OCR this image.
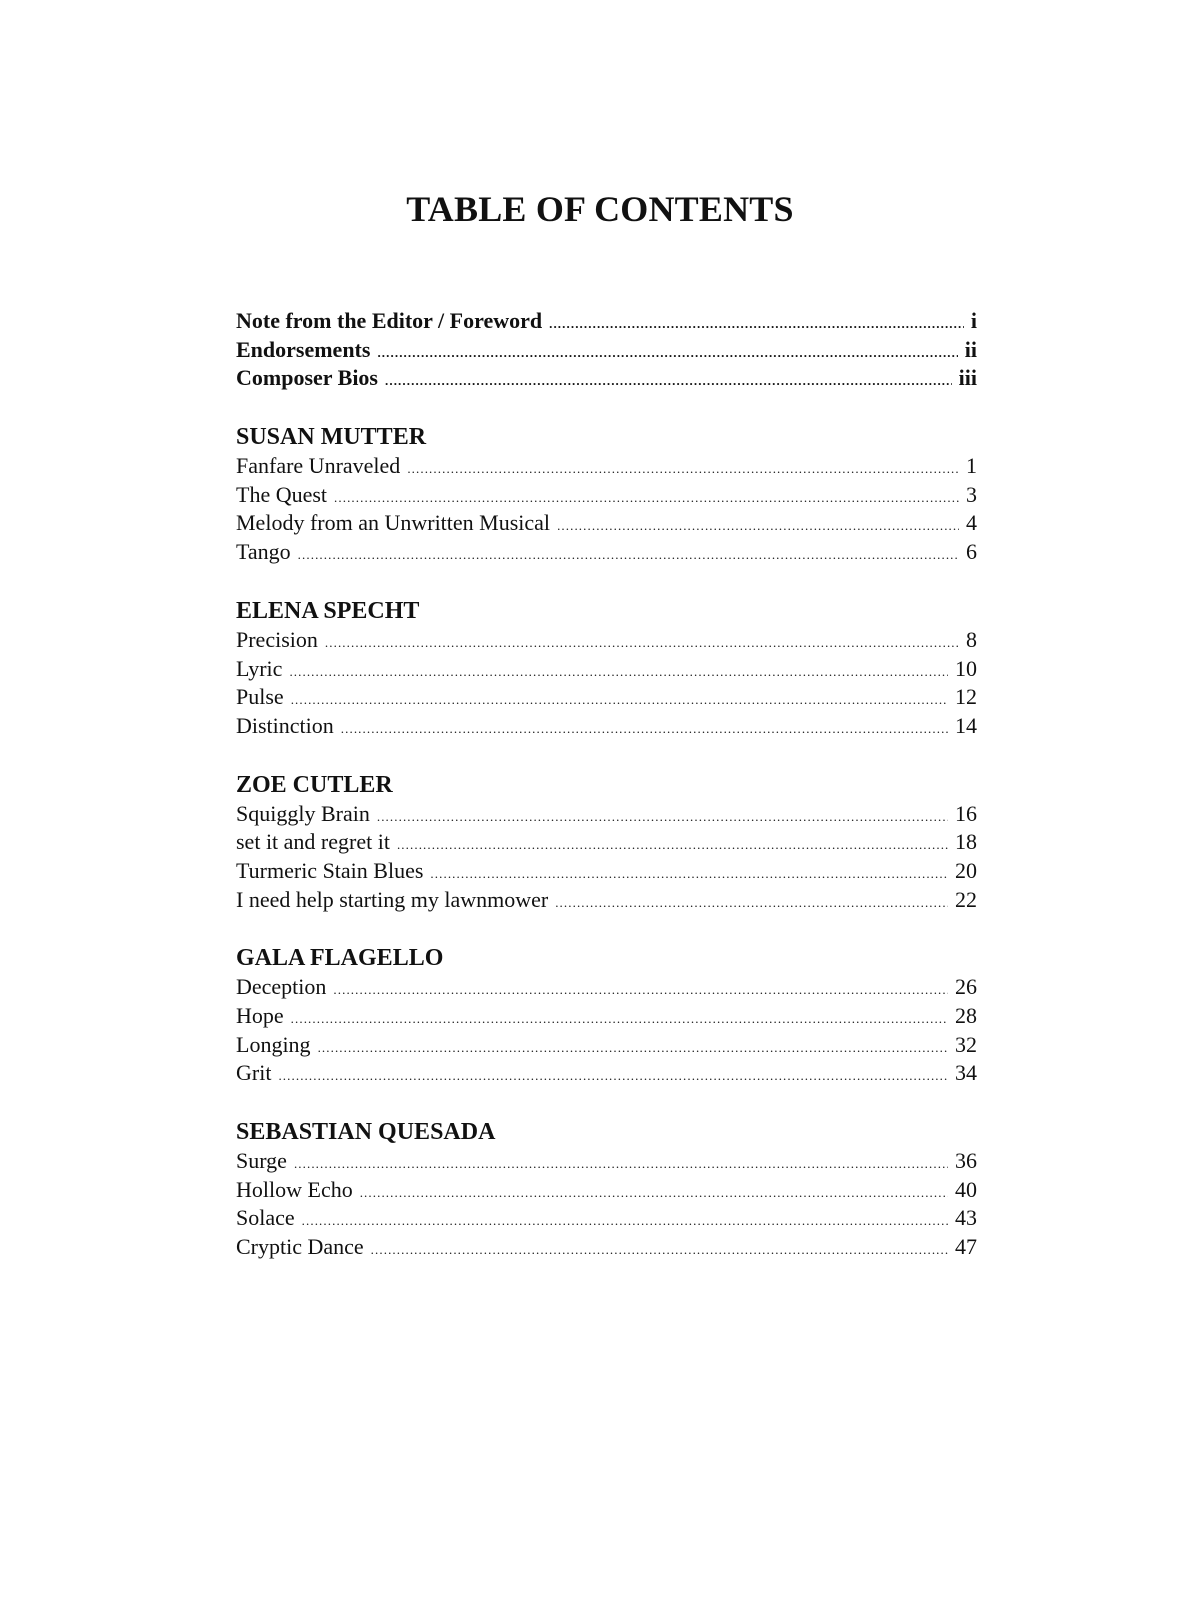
TABLE OF CONTENTS
Note from the Editor / Foreword .....	i
Endorsements .....	ii
Composer Bios .....	iii
SUSAN MUTTER
Fanfare Unraveled .....	1
The Quest .....	3
Melody from an Unwritten Musical .....	4
Tango .....	6
ELENA SPECHT
Precision .....	8
Lyric .....	10
Pulse .....	12
Distinction .....	14
ZOE CUTLER
Squiggly Brain .....	16
set it and regret it .....	18
Turmeric Stain Blues .....	20
I need help starting my lawnmower .....	22
GALA FLAGELLO
Deception .....	26
Hope .....	28
Longing .....	32
Grit .....	34
SEBASTIAN QUESADA
Surge .....	36
Hollow Echo .....	40
Solace .....	43
Cryptic Dance .....	47
